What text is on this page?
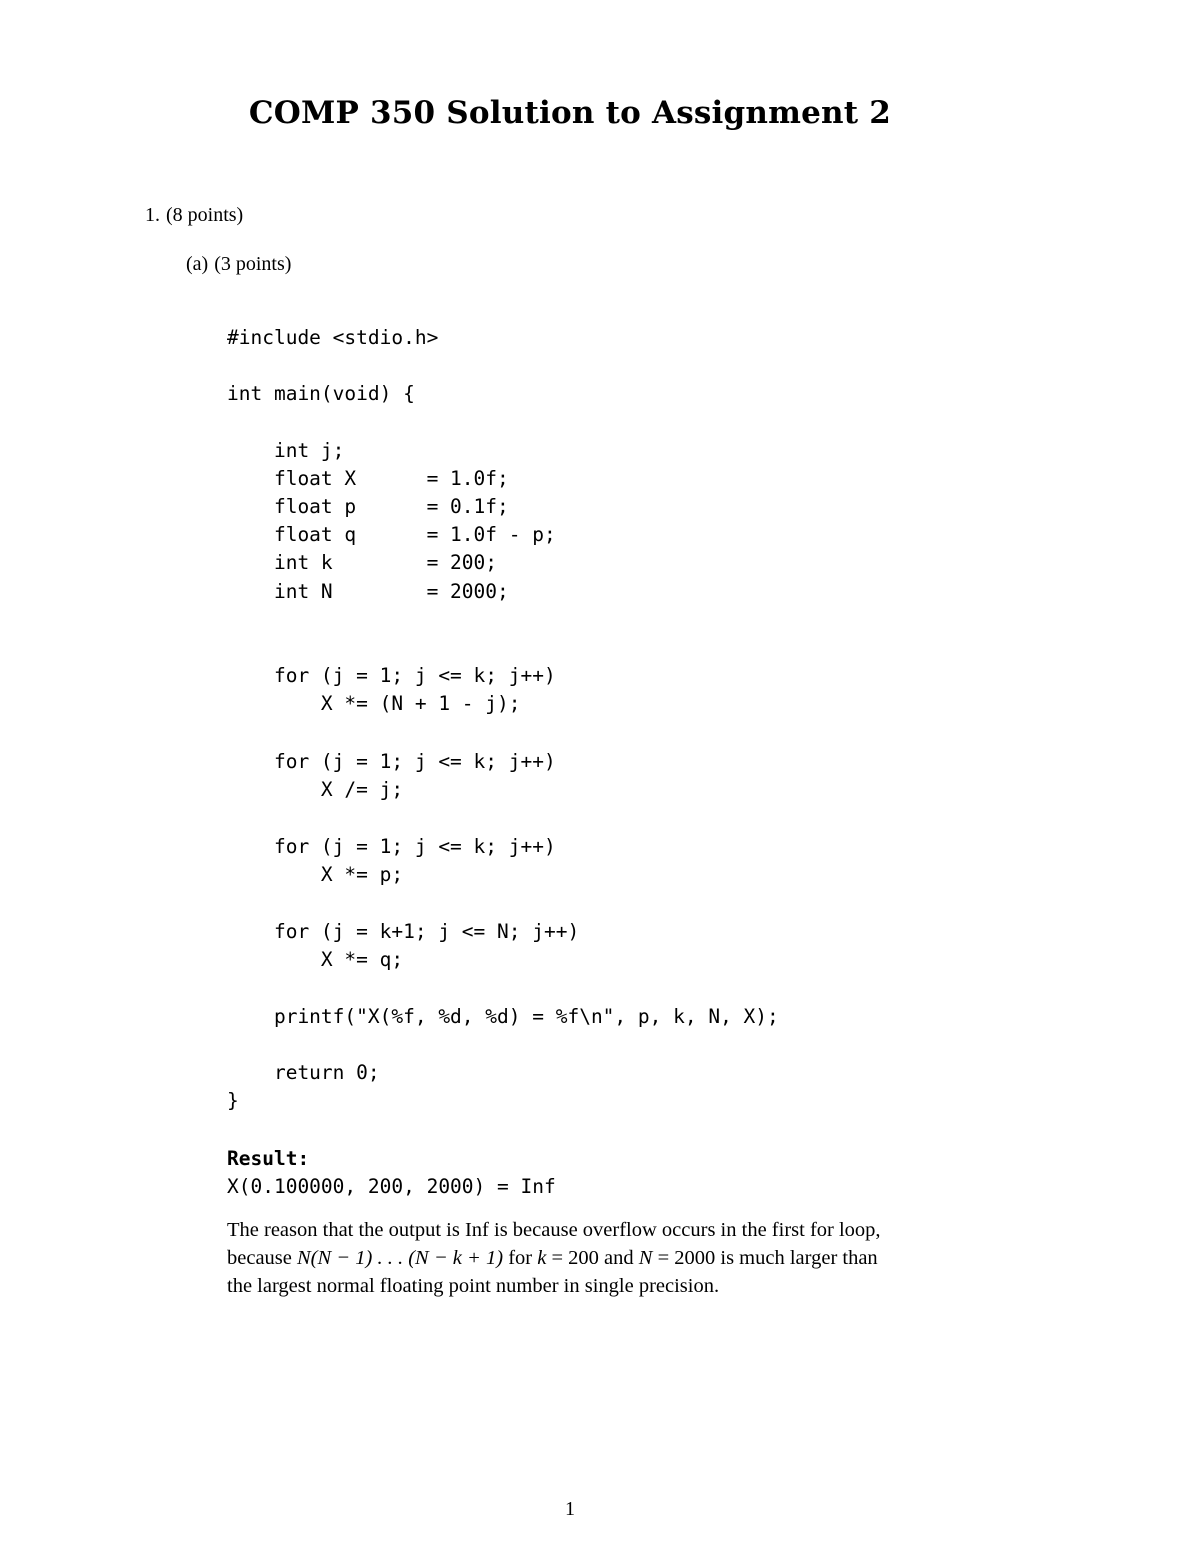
COMP 350 Solution to Assignment 2
1. (8 points)
(a) (3 points)

#include <stdio.h>

int main(void) {

int j;

float X      = 1.0f;

float p      = 0.1f;

float q      = 1.0f - p;

int k        = 200;

int N        = 2000;

for (j = 1; j <= k; j++)

X *= (N + 1 - j);

for (j = 1; j <= k; j++)

X /= j;

for (j = 1; j <= k; j++)

X *= p;

for (j = k+1; j <= N; j++)

X *= q;

printf("X(%f, %d, %d) = %f\n", p, k, N, X);

return 0;

}

Result:
X(0.100000, 200, 2000) = Inf
The reason that the output is Inf is because overflow occurs in the first for loop,
because N(N − 1) . . . (N − k + 1) for k = 200 and N = 2000 is much larger than
the largest normal floating point number in single precision.
1
